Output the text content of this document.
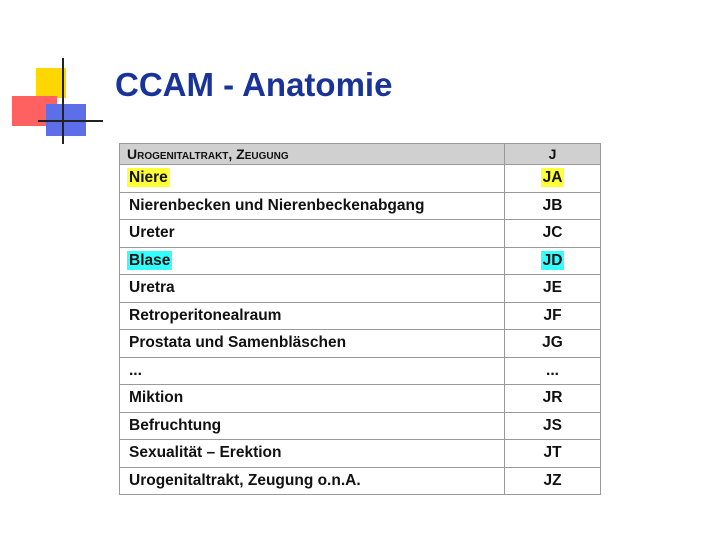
CCAM - Anatomie
Urogenitaltrakt, Zeugung	J
Niere	JA
Nierenbecken und Nierenbeckenabgang	JB
Ureter	JC
Blase	JD
Uretra	JE
Retroperitonealraum	JF
Prostata und Samenbläschen	JG
...	...
Miktion	JR
Befruchtung	JS
Sexualität – Erektion	JT
Urogenitaltrakt, Zeugung o.n.A.	JZ
